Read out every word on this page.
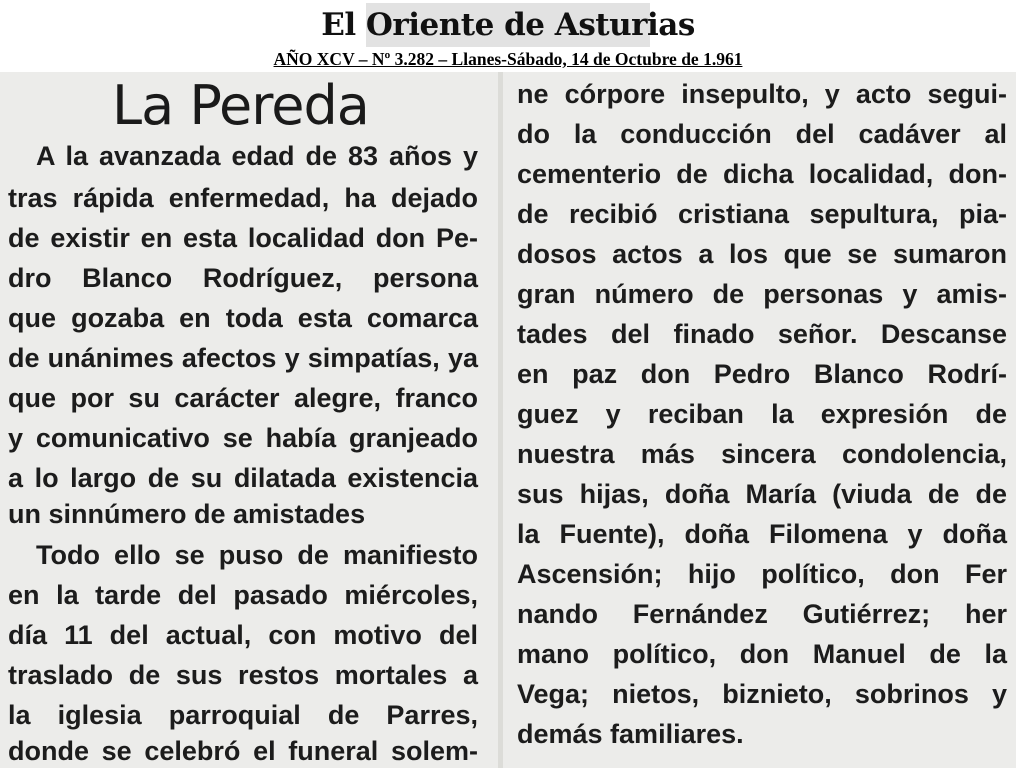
El Oriente de Asturias
AÑO XCV – Nº 3.282 – Llanes-Sábado, 14 de Octubre de 1.961
La Pereda
A la avanzada edad de 83 años y
tras rápida enfermedad, ha dejado
de existir en esta localidad don Pe-
dro Blanco Rodríguez, persona
que gozaba en toda esta comarca
de unánimes afectos y simpatías, ya
que por su carácter alegre, franco
y comunicativo se había granjeado
a lo largo de su dilatada existencia
un sinnúmero de amistades
Todo ello se puso de manifiesto
en la tarde del pasado miércoles,
día 11 del actual, con motivo del
traslado de sus restos mortales a
la iglesia parroquial de Parres,
donde se celebró el funeral solem-
ne córpore insepulto, y acto segui-
do la conducción del cadáver al
cementerio de dicha localidad, don-
de recibió cristiana sepultura, pia-
dosos actos a los que se sumaron
gran número de personas y amis-
tades del finado señor. Descanse
en paz don Pedro Blanco Rodrí-
guez y reciban la expresión de
nuestra más sincera condolencia,
sus hijas, doña María (viuda de de
la Fuente), doña Filomena y doña
Ascensión; hijo político, don Fer
nando Fernández Gutiérrez; her
mano político, don Manuel de la
Vega; nietos, biznieto, sobrinos y
demás familiares.
